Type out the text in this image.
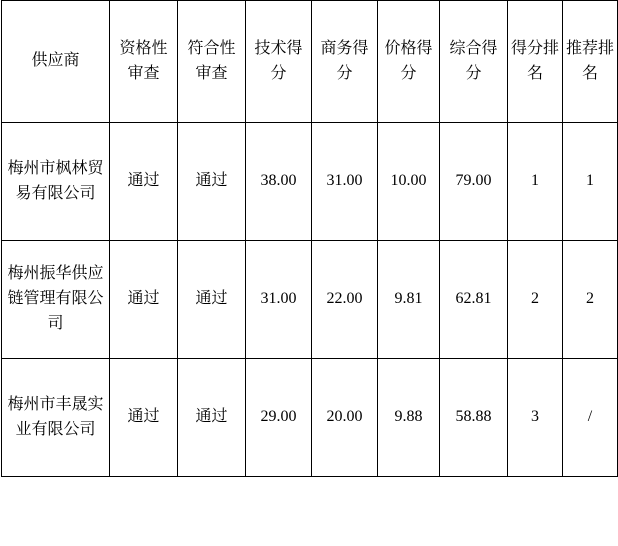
供应商	资格性审查	符合性审查	技术得分	商务得分	价格得分	综合得分	得分排名	推荐排名
梅州市枫林贸易有限公司	通过	通过	38.00	31.00	10.00	79.00	1	1
梅州振华供应链管理有限公司	通过	通过	31.00	22.00	9.81	62.81	2	2
梅州市丰晟实业有限公司	通过	通过	29.00	20.00	9.88	58.88	3	/
